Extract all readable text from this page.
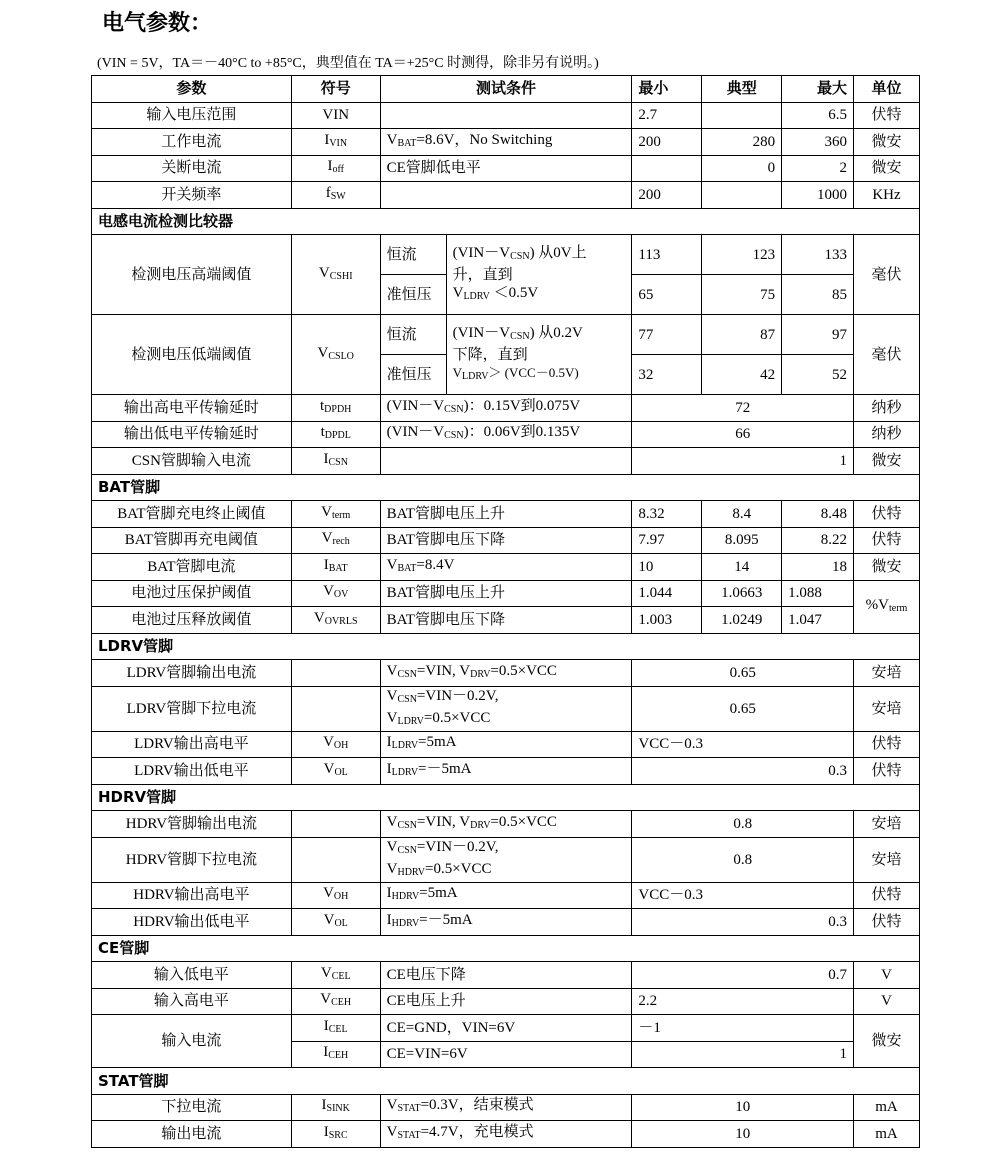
电气参数：
(VIN = 5V，TA＝－40°C to +85°C，典型值在 TA＝+25°C 时测得，除非另有说明。)
参数	符号	测试条件		最小	典型	最大	单位
输入电压范围	VIN			2.7		6.5	伏特
工作电流	$I_{VIN}$	$V_{BAT}=8.6V$，No Switching		200	280	360	微安
关断电流	$I_{off}$	CE管脚低电平			0	2	微安
开关频率	$f_{SW}$			200		1000	KHz
电感电流检测比较器							
检测电压高端阈值	$V_{CSHI}$	恒流	$(VIN-V_{CSN})$ 从0V上
升，直到
$V_{LDRV} <0.5V$	113	123	133	毫伏
		准恒压		65	75	85	
检测电压低端阈值	$V_{CSLO}$	恒流	$(VIN-V_{CSN})$ 从0.2V
下降，直到
$V_{LDRV}> (VCC-0.5V)$	77	87	97	毫伏
		准恒压		32	42	52	
输出高电平传输延时	$t_{DPDH}$	$(VIN-V_{CSN})$：0.15V到0.075V		72			纳秒
输出低电平传输延时	$t_{DPDL}$	$(VIN-V_{CSN})$：0.06V到0.135V		66			纳秒
CSN管脚输入电流	$I_{CSN}$			1			微安
BAT管脚							
BAT管脚充电终止阈值	$V_{term}$	BAT管脚电压上升		8.32	8.4	8.48	伏特
BAT管脚再充电阈值	$V_{rech}$	BAT管脚电压下降		7.97	8.095	8.22	伏特
BAT管脚电流	$I_{BAT}$	$V_{BAT}=8.4V$		10	14	18	微安
电池过压保护阈值	$V_{OV}$	BAT管脚电压上升		1.044	1.0663	1.088	$\%V_{term}$
电池过压释放阈值	$V_{OVRLS}$	BAT管脚电压下降		1.003	1.0249	1.047	
LDRV管脚							
LDRV管脚输出电流		$V_{CSN}=VIN$, $V_{DRV}=0.5\times VCC$		0.65			安培
LDRV管脚下拉电流		$V_{CSN}=VIN-0.2V$,
$V_{LDRV}=0.5\times VCC$		0.65			安培
LDRV输出高电平	$V_{OH}$	$I_{LDRV}=5mA$		VCC－0.3			伏特
LDRV输出低电平	$V_{OL}$	$I_{LDRV}=-5mA$		0.3			伏特
HDRV管脚							
HDRV管脚输出电流		$V_{CSN}=VIN$, $V_{DRV}=0.5\times VCC$		0.8			安培
HDRV管脚下拉电流		$V_{CSN}=VIN-0.2V$,
$V_{HDRV}=0.5\times VCC$		0.8			安培
HDRV输出高电平	$V_{OH}$	$I_{HDRV}=5mA$		VCC－0.3			伏特
HDRV输出低电平	$V_{OL}$	$I_{HDRV}=-5mA$		0.3			伏特
CE管脚							
输入低电平	$V_{CEL}$	CE电压下降		0.7			V
输入高电平	$V_{CEH}$	CE电压上升		2.2			V
输入电流	$I_{CEL}$	CE=GND，VIN=6V		－1			微安
	$I_{CEH}$	CE=VIN=6V		1			
STAT管脚							
下拉电流	$I_{SINK}$	$V_{STAT}=0.3V$，结束模式		10			mA
输出电流	$I_{SRC}$	$V_{STAT}=4.7V$，充电模式		10			mA
